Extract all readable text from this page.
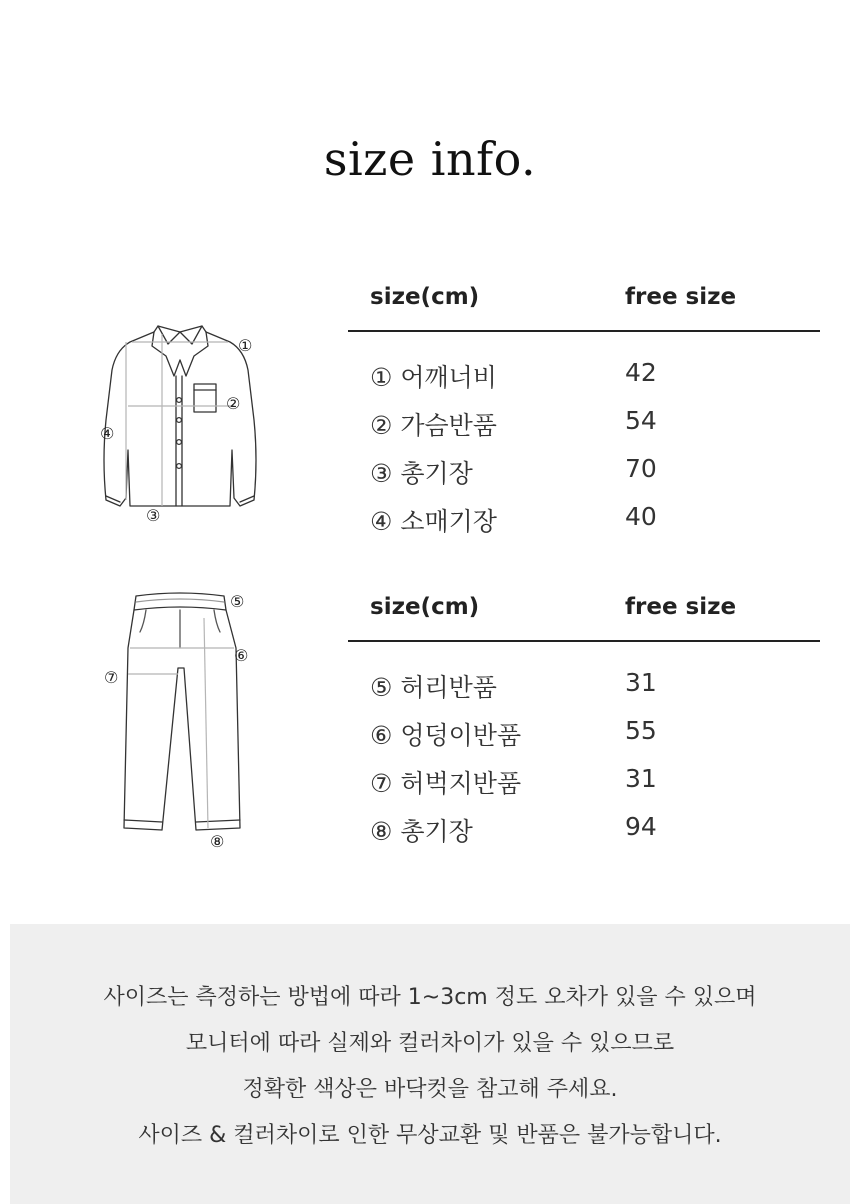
size info.
①
②
④
③
size(cm)	free size
① 어깨너비	42
② 가슴반품	54
③ 총기장	70
④ 소매기장	40
⑤
⑥
⑦
⑧
size(cm)	free size
⑤ 허리반품	31
⑥ 엉덩이반품	55
⑦ 허벅지반품	31
⑧ 총기장	94

사이즈는 측정하는 방법에 따라 1~3cm 정도 오차가 있을 수 있으며

모니터에 따라 실제와 컬러차이가 있을 수 있으므로

정확한 색상은 바닥컷을 참고해 주세요.

사이즈 & 컬러차이로 인한 무상교환 및 반품은 불가능합니다.
